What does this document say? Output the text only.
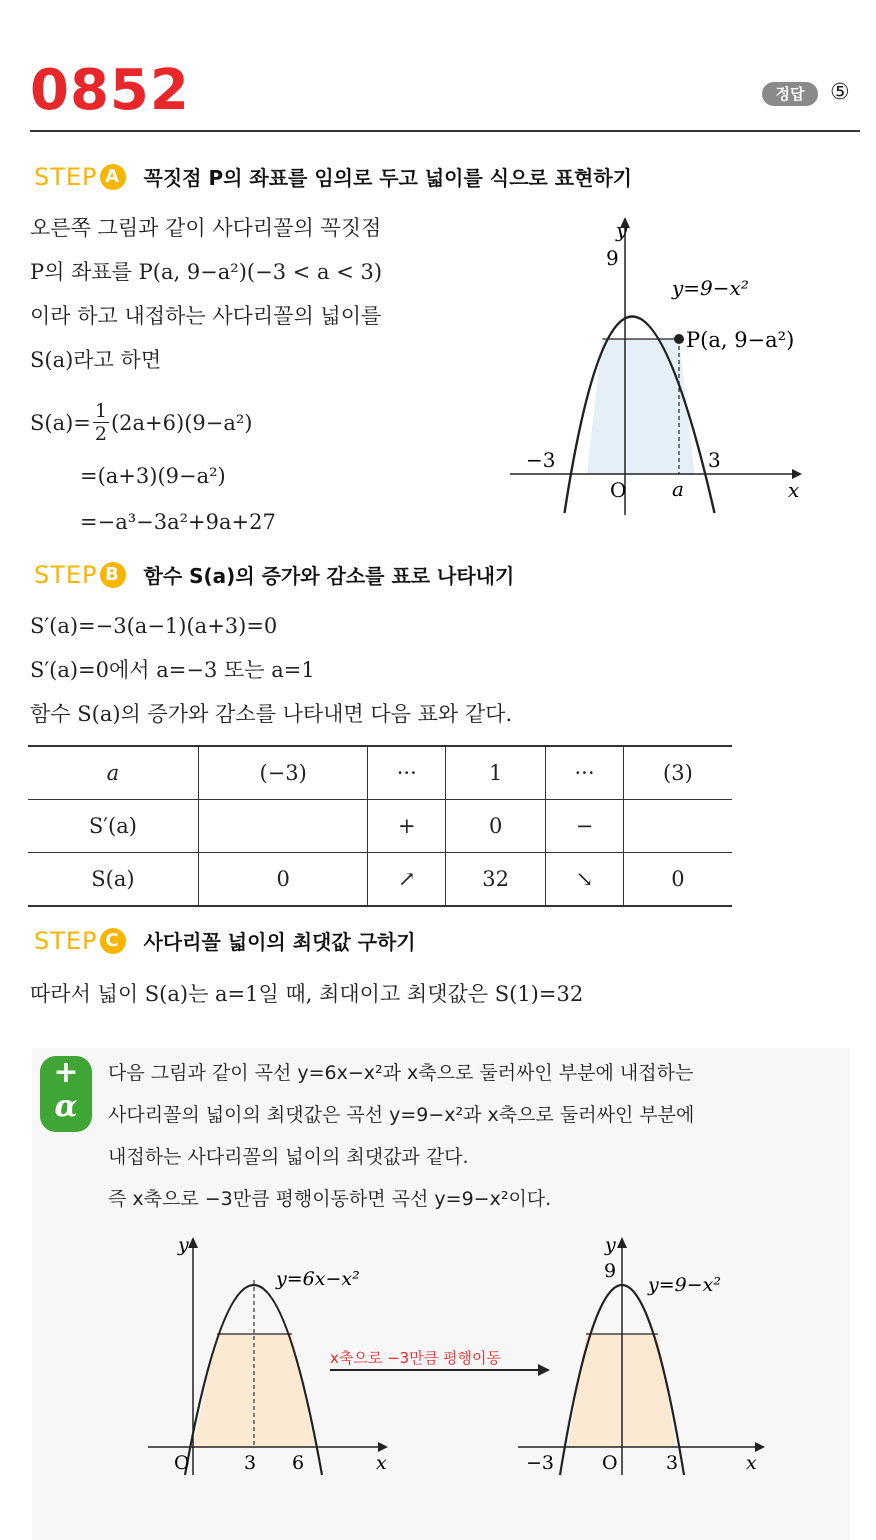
0852	정답	⑤
STEP A 꼭짓점 P의 좌표를 임의로 두고 넓이를 식으로 표현하기
오른쪽 그림과 같이 사다리꼴의 꼭짓점
P의 좌표를 P(a, 9−a²)(−3 < a < 3)
이라 하고 내접하는 사다리꼴의 넓이를
S(a)라고 하면
$S(a)= \frac{1}{2} (2a+6)(9-a^2)$
=(a+3)(9−a²)
=−a³−3a²+9a+27
y
9
y=9−x²
P(a, 9−a²)
−3	3
O a	x
STEP B 함수 S(a)의 증가와 감소를 표로 나타내기
S′(a)=−3(a−1)(a+3)=0
S′(a)=0에서 a=−3 또는 a=1
함수 S(a)의 증가와 감소를 나타내면 다음 표와 같다.
a	(−3)	···	1	···	(3)
S′(a)		+	0	−	
S(a)	0	↗	32	↘	0
STEP C 사다리꼴 넓이의 최댓값 구하기
따라서 넓이 S(a)는 a=1일 때, 최대이고 최댓값은 S(1)=32
+
α
다음 그림과 같이 곡선 y=6x−x²과 x축으로 둘러싸인 부분에 내접하는
사다리꼴의 넓이의 최댓값은 곡선 y=9−x²과 x축으로 둘러싸인 부분에
내접하는 사다리꼴의 넓이의 최댓값과 같다.
즉 x축으로 −3만큼 평행이동하면 곡선 y=9−x²이다.
y
y=6x−x²
O	3 6	x
x축으로 −3만큼 평행이동
y
9
y=9−x²
−3	O	3	x
